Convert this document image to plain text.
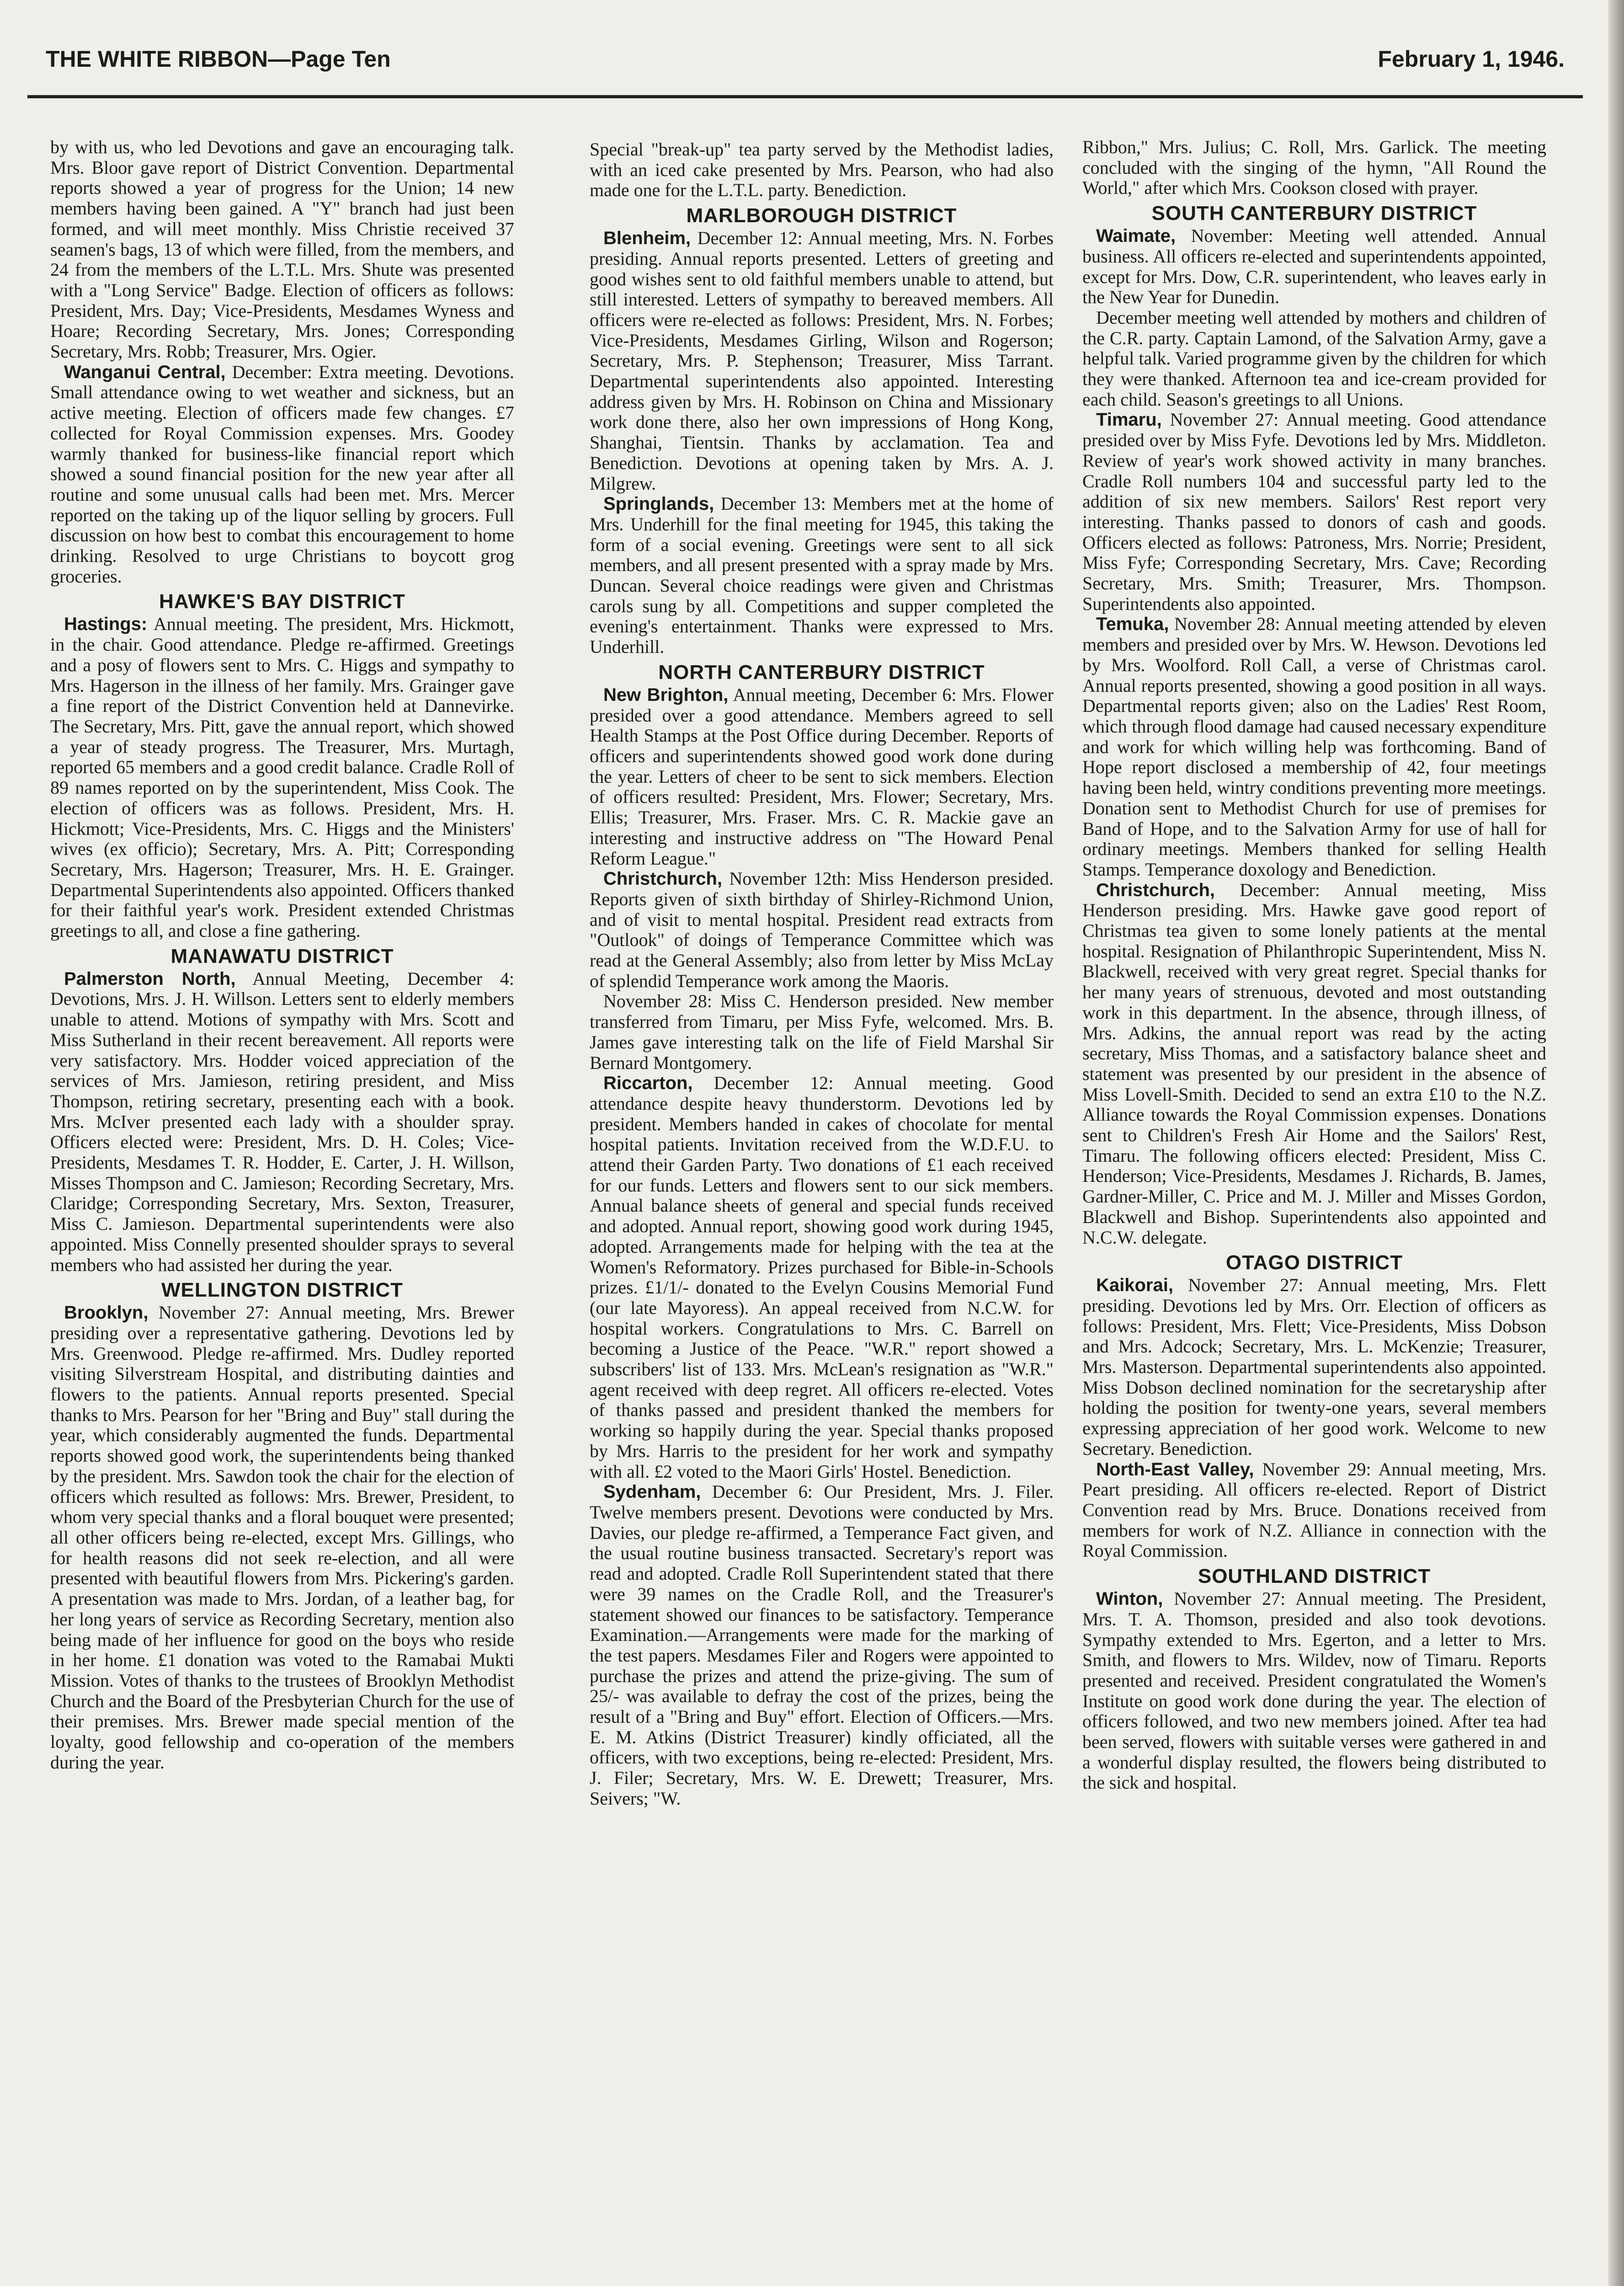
THE WHITE RIBBON—Page Ten	February 1, 1946.

by with us, who led Devotions and gave an encouraging talk. Mrs. Bloor gave report of District Convention. Departmental reports showed a year of progress for the Union; 14 new members having been gained. A "Y" branch had just been formed, and will meet monthly. Miss Christie received 37 seamen's bags, 13 of which were filled, from the members, and 24 from the members of the L.T.L. Mrs. Shute was presented with a "Long Service" Badge. Election of officers as follows: President, Mrs. Day; Vice-Presidents, Mesdames Wyness and Hoare; Recording Secretary, Mrs. Jones; Corresponding Secretary, Mrs. Robb; Treasurer, Mrs. Ogier.

Wanganui Central, December: Extra meeting. Devotions. Small attendance owing to wet weather and sickness, but an active meeting. Election of officers made few changes. £7 collected for Royal Commission expenses. Mrs. Goodey warmly thanked for business-like financial report which showed a sound financial position for the new year after all routine and some unusual calls had been met. Mrs. Mercer reported on the taking up of the liquor selling by grocers. Full discussion on how best to combat this encouragement to home drinking. Resolved to urge Christians to boycott grog groceries.

HAWKE'S BAY DISTRICT

Hastings: Annual meeting. The president, Mrs. Hickmott, in the chair. Good attendance. Pledge re-affirmed. Greetings and a posy of flowers sent to Mrs. C. Higgs and sympathy to Mrs. Hagerson in the illness of her family. Mrs. Grainger gave a fine report of the District Convention held at Dannevirke. The Secretary, Mrs. Pitt, gave the annual report, which showed a year of steady progress. The Treasurer, Mrs. Murtagh, reported 65 members and a good credit balance. Cradle Roll of 89 names reported on by the superintendent, Miss Cook. The election of officers was as follows. President, Mrs. H. Hickmott; Vice-Presidents, Mrs. C. Higgs and the Ministers' wives (ex officio); Secretary, Mrs. A. Pitt; Corresponding Secretary, Mrs. Hagerson; Treasurer, Mrs. H. E. Grainger. Departmental Superintendents also appointed. Officers thanked for their faithful year's work. President extended Christmas greetings to all, and close a fine gathering.

MANAWATU DISTRICT

Palmerston North, Annual Meeting, December 4: Devotions, Mrs. J. H. Willson. Letters sent to elderly members unable to attend. Motions of sympathy with Mrs. Scott and Miss Sutherland in their recent bereavement. All reports were very satisfactory. Mrs. Hodder voiced appreciation of the services of Mrs. Jamieson, retiring president, and Miss Thompson, retiring secretary, presenting each with a book. Mrs. McIver presented each lady with a shoulder spray. Officers elected were: President, Mrs. D. H. Coles; Vice-Presidents, Mesdames T. R. Hodder, E. Carter, J. H. Willson, Misses Thompson and C. Jamieson; Recording Secretary, Mrs. Claridge; Corresponding Secretary, Mrs. Sexton, Treasurer, Miss C. Jamieson. Departmental superintendents were also appointed. Miss Connelly presented shoulder sprays to several members who had assisted her during the year.

WELLINGTON DISTRICT

Brooklyn, November 27: Annual meeting, Mrs. Brewer presiding over a representative gathering. Devotions led by Mrs. Greenwood. Pledge re-affirmed. Mrs. Dudley reported visiting Silverstream Hospital, and distributing dainties and flowers to the patients. Annual reports presented. Special thanks to Mrs. Pearson for her "Bring and Buy" stall during the year, which considerably augmented the funds. Departmental reports showed good work, the superintendents being thanked by the president. Mrs. Sawdon took the chair for the election of officers which resulted as follows: Mrs. Brewer, President, to whom very special thanks and a floral bouquet were presented; all other officers being re-elected, except Mrs. Gillings, who for health reasons did not seek re-election, and all were presented with beautiful flowers from Mrs. Pickering's garden. A presentation was made to Mrs. Jordan, of a leather bag, for her long years of service as Recording Secretary, mention also being made of her influence for good on the boys who reside in her home. £1 donation was voted to the Ramabai Mukti Mission. Votes of thanks to the trustees of Brooklyn Methodist Church and the Board of the Presbyterian Church for the use of their premises. Mrs. Brewer made special mention of the loyalty, good fellowship and co-operation of the members during the year.

Special "break-up" tea party served by the Methodist ladies, with an iced cake presented by Mrs. Pearson, who had also made one for the L.T.L. party. Benediction.

MARLBOROUGH DISTRICT

Blenheim, December 12: Annual meeting, Mrs. N. Forbes presiding. Annual reports presented. Letters of greeting and good wishes sent to old faithful members unable to attend, but still interested. Letters of sympathy to bereaved members. All officers were re-elected as follows: President, Mrs. N. Forbes; Vice-Presidents, Mesdames Girling, Wilson and Rogerson; Secretary, Mrs. P. Stephenson; Treasurer, Miss Tarrant. Departmental superintendents also appointed. Interesting address given by Mrs. H. Robinson on China and Missionary work done there, also her own impressions of Hong Kong, Shanghai, Tientsin. Thanks by acclamation. Tea and Benediction. Devotions at opening taken by Mrs. A. J. Milgrew.

Springlands, December 13: Members met at the home of Mrs. Underhill for the final meeting for 1945, this taking the form of a social evening. Greetings were sent to all sick members, and all present presented with a spray made by Mrs. Duncan. Several choice readings were given and Christmas carols sung by all. Competitions and supper completed the evening's entertainment. Thanks were expressed to Mrs. Underhill.

NORTH CANTERBURY DISTRICT

New Brighton, Annual meeting, December 6: Mrs. Flower presided over a good attendance. Members agreed to sell Health Stamps at the Post Office during December. Reports of officers and superintendents showed good work done during the year. Letters of cheer to be sent to sick members. Election of officers resulted: President, Mrs. Flower; Secretary, Mrs. Ellis; Treasurer, Mrs. Fraser. Mrs. C. R. Mackie gave an interesting and instructive address on "The Howard Penal Reform League."

Christchurch, November 12th: Miss Henderson presided. Reports given of sixth birthday of Shirley-Richmond Union, and of visit to mental hospital. President read extracts from "Outlook" of doings of Temperance Committee which was read at the General Assembly; also from letter by Miss McLay of splendid Temperance work among the Maoris.

November 28: Miss C. Henderson presided. New member transferred from Timaru, per Miss Fyfe, welcomed. Mrs. B. James gave interesting talk on the life of Field Marshal Sir Bernard Montgomery.

Riccarton, December 12: Annual meeting. Good attendance despite heavy thunderstorm. Devotions led by president. Members handed in cakes of chocolate for mental hospital patients. Invitation received from the W.D.F.U. to attend their Garden Party. Two donations of £1 each received for our funds. Letters and flowers sent to our sick members. Annual balance sheets of general and special funds received and adopted. Annual report, showing good work during 1945, adopted. Arrangements made for helping with the tea at the Women's Reformatory. Prizes purchased for Bible-in-Schools prizes. £1/1/- donated to the Evelyn Cousins Memorial Fund (our late Mayoress). An appeal received from N.C.W. for hospital workers. Congratulations to Mrs. C. Barrell on becoming a Justice of the Peace. "W.R." report showed a subscribers' list of 133. Mrs. McLean's resignation as "W.R." agent received with deep regret. All officers re-elected. Votes of thanks passed and president thanked the members for working so happily during the year. Special thanks proposed by Mrs. Harris to the president for her work and sympathy with all. £2 voted to the Maori Girls' Hostel. Benediction.

Sydenham, December 6: Our President, Mrs. J. Filer. Twelve members present. Devotions were conducted by Mrs. Davies, our pledge re-affirmed, a Temperance Fact given, and the usual routine business transacted. Secretary's report was read and adopted. Cradle Roll Superintendent stated that there were 39 names on the Cradle Roll, and the Treasurer's statement showed our finances to be satisfactory. Temperance Examination.—Arrangements were made for the marking of the test papers. Mesdames Filer and Rogers were appointed to purchase the prizes and attend the prize-giving. The sum of 25/- was available to defray the cost of the prizes, being the result of a "Bring and Buy" effort. Election of Officers.—Mrs. E. M. Atkins (District Treasurer) kindly officiated, all the officers, with two exceptions, being re-elected: President, Mrs. J. Filer; Secretary, Mrs. W. E. Drewett; Treasurer, Mrs. Seivers; "W.

Ribbon," Mrs. Julius; C. Roll, Mrs. Garlick. The meeting concluded with the singing of the hymn, "All Round the World," after which Mrs. Cookson closed with prayer.

SOUTH CANTERBURY DISTRICT

Waimate, November: Meeting well attended. Annual business. All officers re-elected and superintendents appointed, except for Mrs. Dow, C.R. superintendent, who leaves early in the New Year for Dunedin.

December meeting well attended by mothers and children of the C.R. party. Captain Lamond, of the Salvation Army, gave a helpful talk. Varied programme given by the children for which they were thanked. Afternoon tea and ice-cream provided for each child. Season's greetings to all Unions.

Timaru, November 27: Annual meeting. Good attendance presided over by Miss Fyfe. Devotions led by Mrs. Middleton. Review of year's work showed activity in many branches. Cradle Roll numbers 104 and successful party led to the addition of six new members. Sailors' Rest report very interesting. Thanks passed to donors of cash and goods. Officers elected as follows: Patroness, Mrs. Norrie; President, Miss Fyfe; Corresponding Secretary, Mrs. Cave; Recording Secretary, Mrs. Smith; Treasurer, Mrs. Thompson. Superintendents also appointed.

Temuka, November 28: Annual meeting attended by eleven members and presided over by Mrs. W. Hewson. Devotions led by Mrs. Woolford. Roll Call, a verse of Christmas carol. Annual reports presented, showing a good position in all ways. Departmental reports given; also on the Ladies' Rest Room, which through flood damage had caused necessary expenditure and work for which willing help was forthcoming. Band of Hope report disclosed a membership of 42, four meetings having been held, wintry conditions preventing more meetings. Donation sent to Methodist Church for use of premises for Band of Hope, and to the Salvation Army for use of hall for ordinary meetings. Members thanked for selling Health Stamps. Temperance doxology and Benediction.

Christchurch, December: Annual meeting, Miss Henderson presiding. Mrs. Hawke gave good report of Christmas tea given to some lonely patients at the mental hospital. Resignation of Philanthropic Superintendent, Miss N. Blackwell, received with very great regret. Special thanks for her many years of strenuous, devoted and most outstanding work in this department. In the absence, through illness, of Mrs. Adkins, the annual report was read by the acting secretary, Miss Thomas, and a satisfactory balance sheet and statement was presented by our president in the absence of Miss Lovell-Smith. Decided to send an extra £10 to the N.Z. Alliance towards the Royal Commission expenses. Donations sent to Children's Fresh Air Home and the Sailors' Rest, Timaru. The following officers elected: President, Miss C. Henderson; Vice-Presidents, Mesdames J. Richards, B. James, Gardner-Miller, C. Price and M. J. Miller and Misses Gordon, Blackwell and Bishop. Superintendents also appointed and N.C.W. delegate.

OTAGO DISTRICT

Kaikorai, November 27: Annual meeting, Mrs. Flett presiding. Devotions led by Mrs. Orr. Election of officers as follows: President, Mrs. Flett; Vice-Presidents, Miss Dobson and Mrs. Adcock; Secretary, Mrs. L. McKenzie; Treasurer, Mrs. Masterson. Departmental superintendents also appointed. Miss Dobson declined nomination for the secretaryship after holding the position for twenty-one years, several members expressing appreciation of her good work. Welcome to new Secretary. Benediction.

North-East Valley, November 29: Annual meeting, Mrs. Peart presiding. All officers re-elected. Report of District Convention read by Mrs. Bruce. Donations received from members for work of N.Z. Alliance in connection with the Royal Commission.

SOUTHLAND DISTRICT

Winton, November 27: Annual meeting. The President, Mrs. T. A. Thomson, presided and also took devotions. Sympathy extended to Mrs. Egerton, and a letter to Mrs. Smith, and flowers to Mrs. Wildev, now of Timaru. Reports presented and received. President congratulated the Women's Institute on good work done during the year. The election of officers followed, and two new members joined. After tea had been served, flowers with suitable verses were gathered in and a wonderful display resulted, the flowers being distributed to the sick and hospital.
